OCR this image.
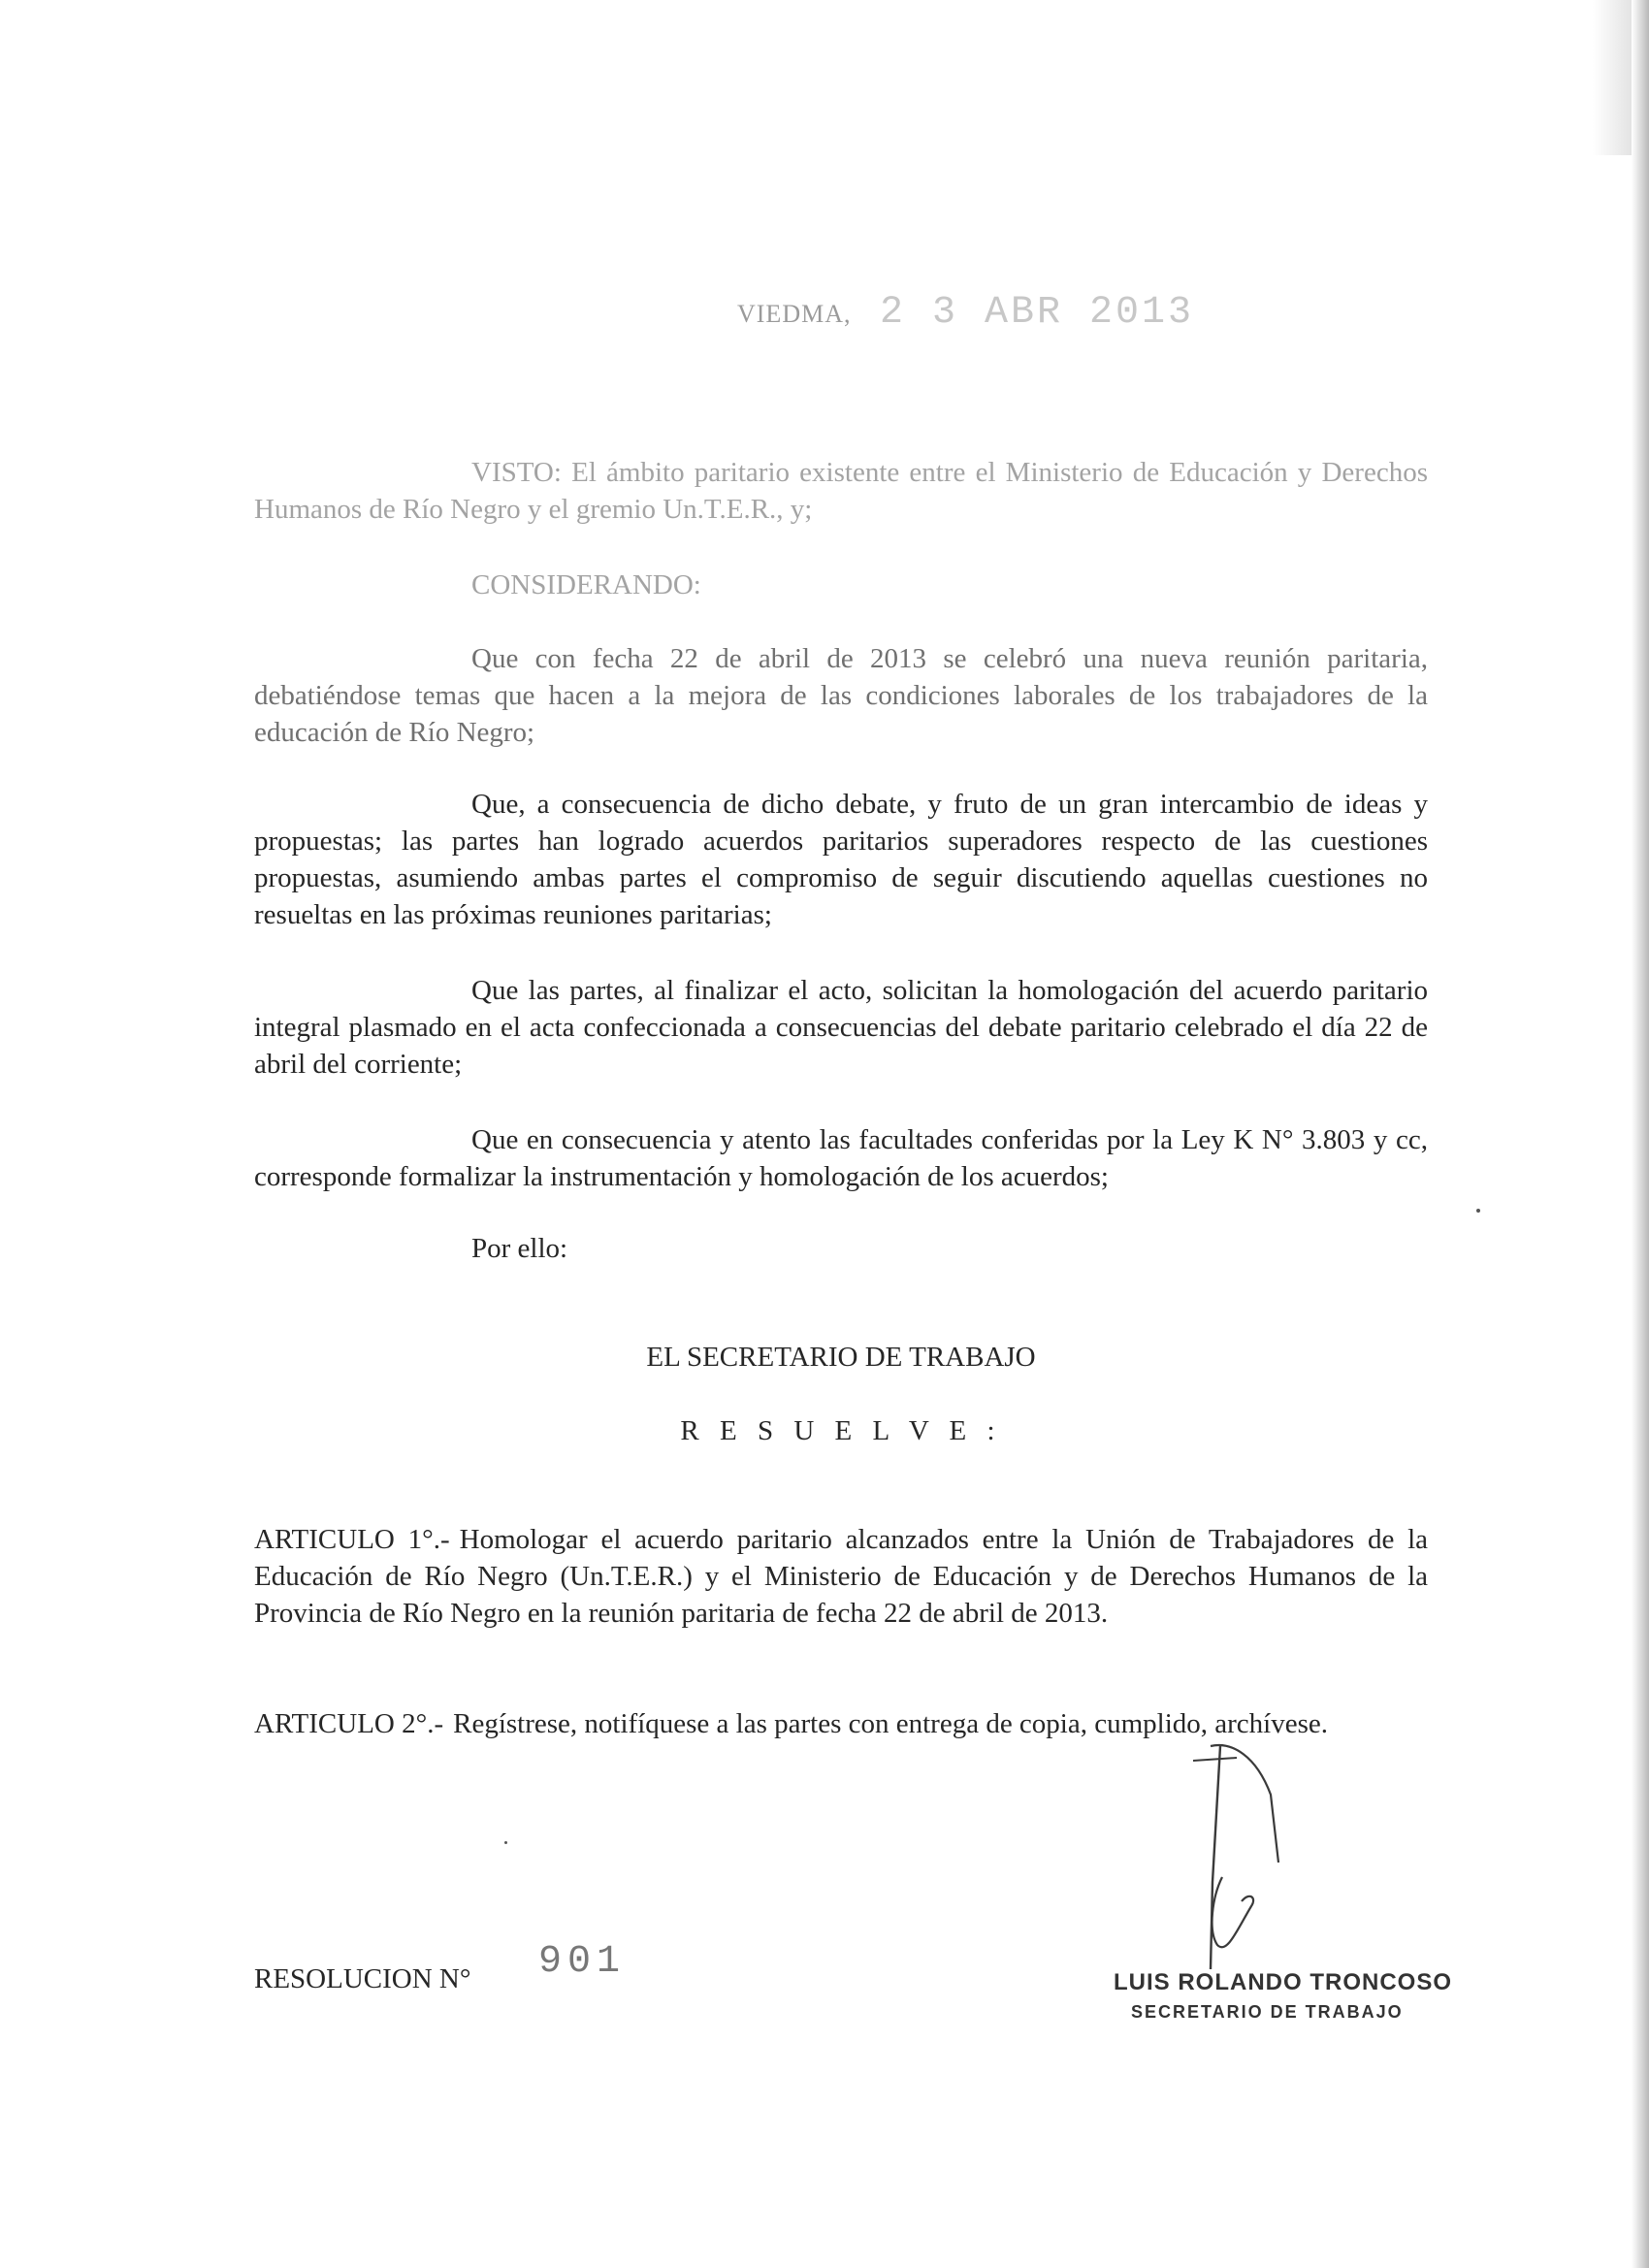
VIEDMA, 2 3 ABR 2013
VISTO: El ámbito paritario existente entre el Ministerio de Educación y Derechos Humanos de Río Negro y el gremio Un.T.E.R., y;
CONSIDERANDO:
Que con fecha 22 de abril de 2013 se celebró una nueva reunión paritaria, debatiéndose temas que hacen a la mejora de las condiciones laborales de los trabajadores de la educación de Río Negro;
Que, a consecuencia de dicho debate, y fruto de un gran intercambio de ideas y propuestas; las partes han logrado acuerdos paritarios superadores respecto de las cuestiones propuestas, asumiendo ambas partes el compromiso de seguir discutiendo aquellas cuestiones no resueltas en las próximas reuniones paritarias;
Que las partes, al finalizar el acto, solicitan la homologación del acuerdo paritario integral plasmado en el acta confeccionada a consecuencias del debate paritario celebrado el día 22 de abril del corriente;
Que en consecuencia y atento las facultades conferidas por la Ley K N° 3.803 y cc, corresponde formalizar la instrumentación y homologación de los acuerdos;
Por ello:
EL SECRETARIO DE TRABAJO
R E S U E L V E :
ARTICULO 1°.- Homologar el acuerdo paritario alcanzados entre la Unión de Trabajadores de la Educación de Río Negro (Un.T.E.R.) y el Ministerio de Educación y de Derechos Humanos de la Provincia de Río Negro en la reunión paritaria de fecha 22 de abril de 2013.
ARTICULO 2°.- Regístrese, notifíquese a las partes con entrega de copia, cumplido, archívese.
RESOLUCION N° 901	LUIS ROLANDO TRONCOSO
SECRETARIO DE TRABAJO
